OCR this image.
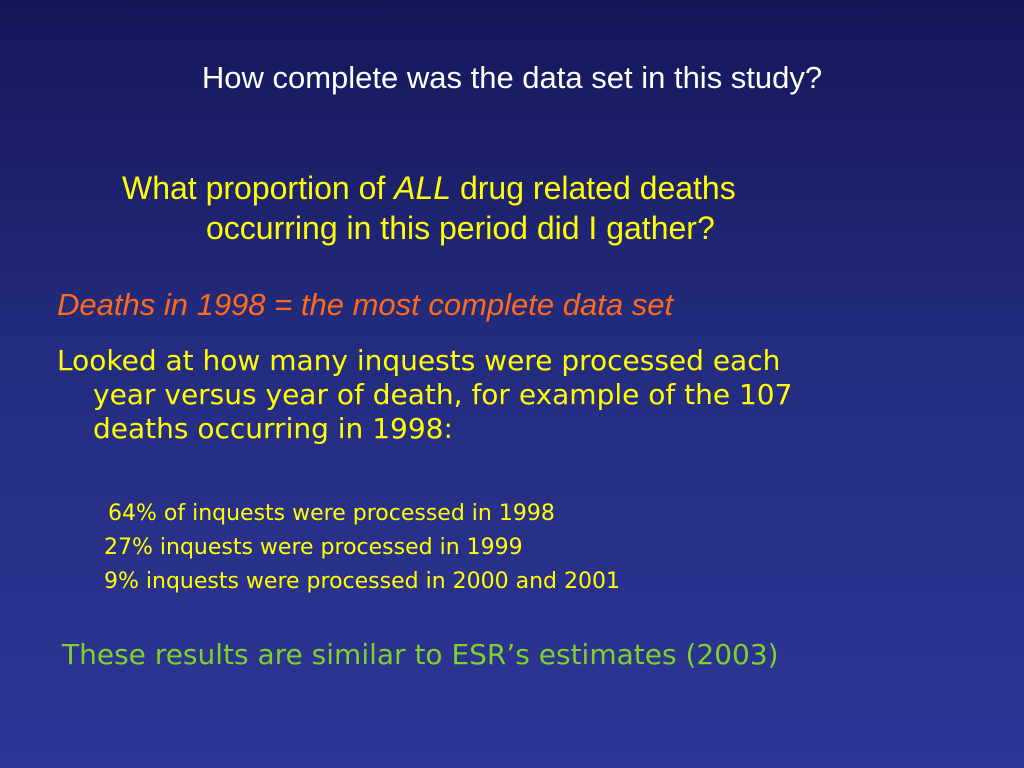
How complete was the data set in this study?
What proportion of ALL drug related deaths
occurring in this period did I gather?
Deaths in 1998 = the most complete data set
Looked at how many inquests were processed each
year versus year of death, for example of the 107
deaths occurring in 1998:
64% of inquests were processed in 1998
27% inquests were processed in 1999
9% inquests were processed in 2000 and 2001
These results are similar to ESR’s estimates (2003)
